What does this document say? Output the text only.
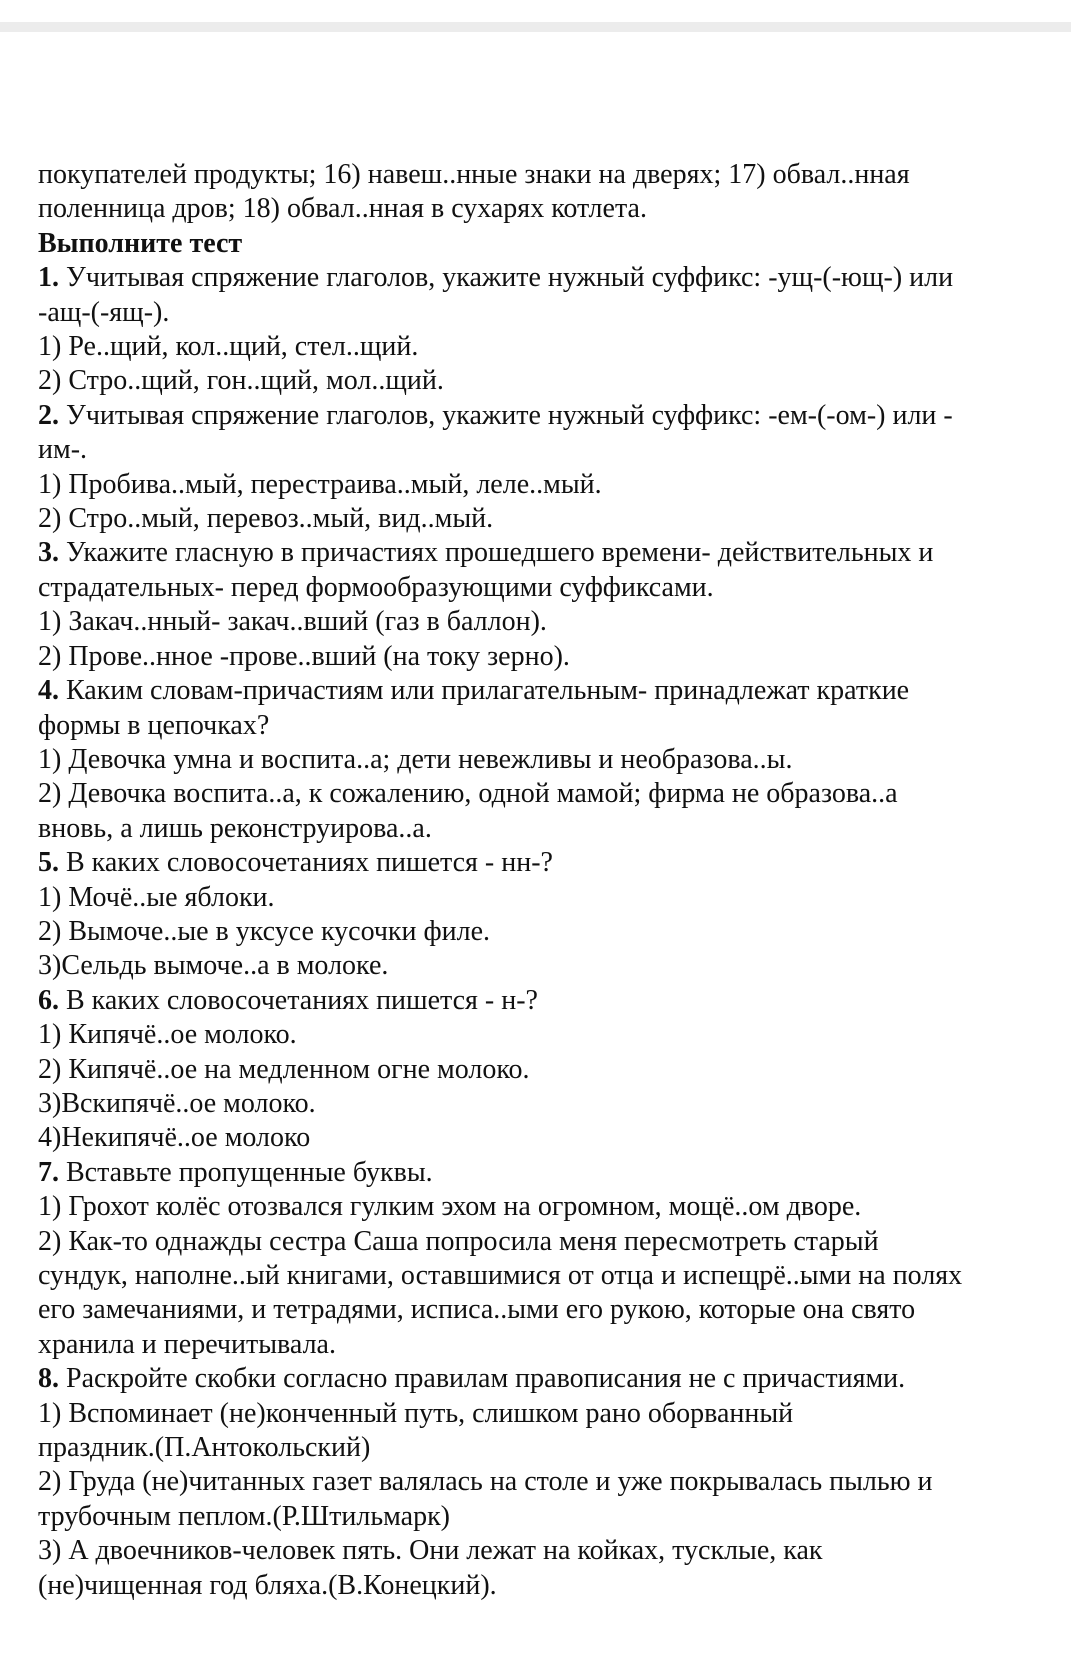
покупателей продукты; 16) навеш..нные знаки на дверях; 17) обвал..нная
поленница дров; 18) обвал..нная в сухарях котлета.
Выполните тест
1. Учитывая спряжение глаголов, укажите нужный суффикс: -ущ-(-ющ-) или
-ащ-(-ящ-).
1) Ре..щий, кол..щий, стел..щий.
2) Стро..щий, гон..щий, мол..щий.
2. Учитывая спряжение глаголов, укажите нужный суффикс: -ем-(-ом-) или -
им-.
1) Пробива..мый, перестраива..мый, леле..мый.
2) Стро..мый, перевоз..мый, вид..мый.
3. Укажите гласную в причастиях прошедшего времени- действительных и
страдательных- перед формообразующими суффиксами.
1) Закач..нный- закач..вший (газ в баллон).
2) Прове..нное -прове..вший (на току зерно).
4. Каким словам-причастиям или прилагательным- принадлежат краткие
формы в цепочках?
1) Девочка умна и воспита..а; дети невежливы и необразова..ы.
2) Девочка воспита..а, к сожалению, одной мамой; фирма не образова..а
вновь, а лишь реконструирова..а.
5. В каких словосочетаниях пишется - нн-?
1) Мочё..ые яблоки.
2) Вымоче..ые в уксусе кусочки филе.
3)Сельдь вымоче..а в молоке.
6. В каких словосочетаниях пишется - н-?
1) Кипячё..ое молоко.
2) Кипячё..ое на медленном огне молоко.
3)Вскипячё..ое молоко.
4)Некипячё..ое молоко
7. Вставьте пропущенные буквы.
1) Грохот колёс отозвался гулким эхом на огромном, мощё..ом дворе.
2) Как-то однажды сестра Саша попросила меня пересмотреть старый
сундук, наполне..ый книгами, оставшимися от отца и испещрё..ыми на полях
его замечаниями, и тетрадями, исписа..ыми его рукою, которые она свято
хранила и перечитывала.
8. Раскройте скобки согласно правилам правописания не с причастиями.
1) Вспоминает (не)конченный путь, слишком рано оборванный
праздник.(П.Антокольский)
2) Груда (не)читанных газет валялась на столе и уже покрывалась пылью и
трубочным пеплом.(Р.Штильмарк)
3) А двоечников-человек пять. Они лежат на койках, тусклые, как
(не)чищенная год бляха.(В.Конецкий).
